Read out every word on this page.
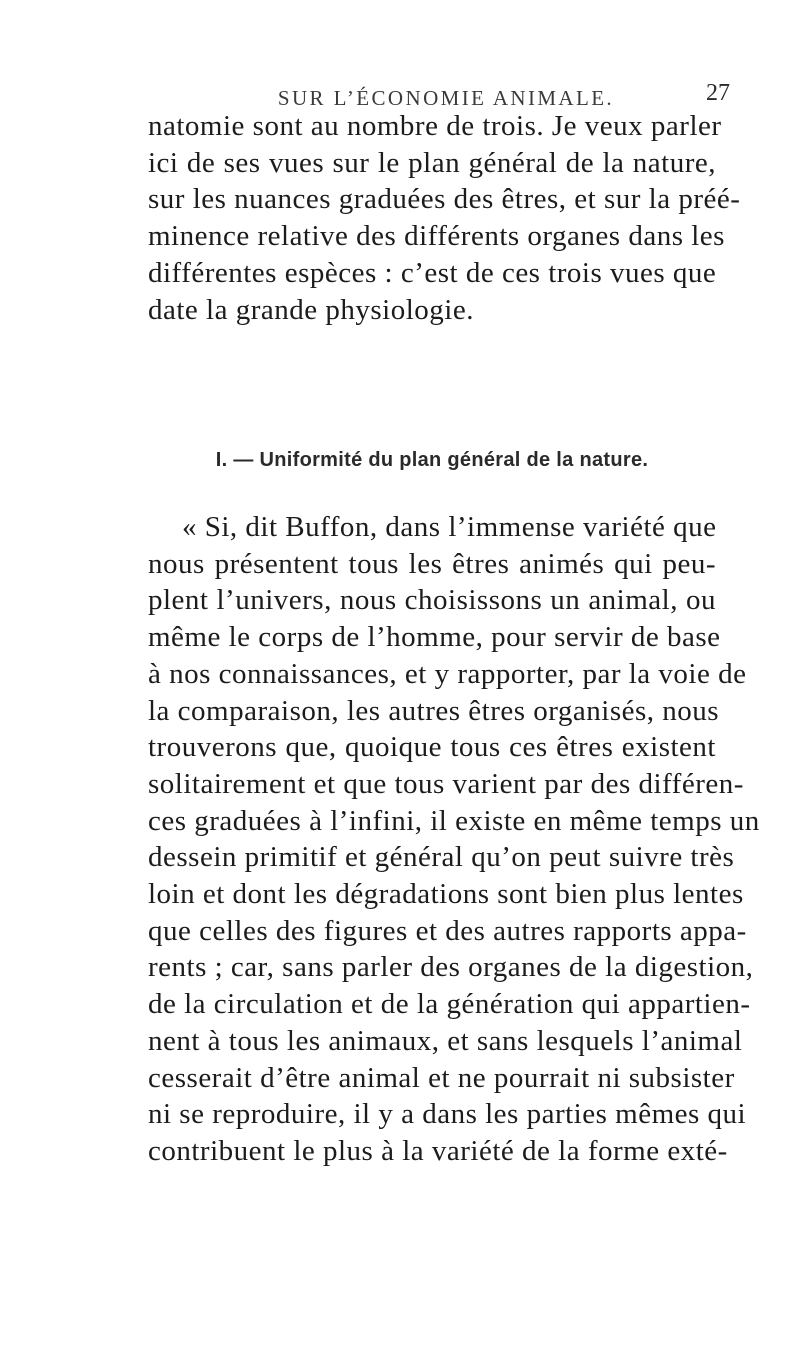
SUR L’ÉCONOMIE ANIMALE.	27

natomie sont au nombre de trois. Je veux parler
ici de ses vues sur le plan général de la nature,
sur les nuances graduées des êtres, et sur la préé-
minence relative des différents organes dans les
différentes espèces : c’est de ces trois vues que
date la grande physiologie.

I. — Uniformité du plan général de la nature.

« Si, dit Buffon, dans l’immense variété que
nous présentent tous les êtres animés qui peu-
plent l’univers, nous choisissons un animal, ou
même le corps de l’homme, pour servir de base
à nos connaissances, et y rapporter, par la voie de
la comparaison, les autres êtres organisés, nous
trouverons que, quoique tous ces êtres existent
solitairement et que tous varient par des différen-
ces graduées à l’infini, il existe en même temps un
dessein primitif et général qu’on peut suivre très
loin et dont les dégradations sont bien plus lentes
que celles des figures et des autres rapports appa-
rents ; car, sans parler des organes de la digestion,
de la circulation et de la génération qui appartien-
nent à tous les animaux, et sans lesquels l’animal
cesserait d’être animal et ne pourrait ni subsister
ni se reproduire, il y a dans les parties mêmes qui
contribuent le plus à la variété de la forme exté-
